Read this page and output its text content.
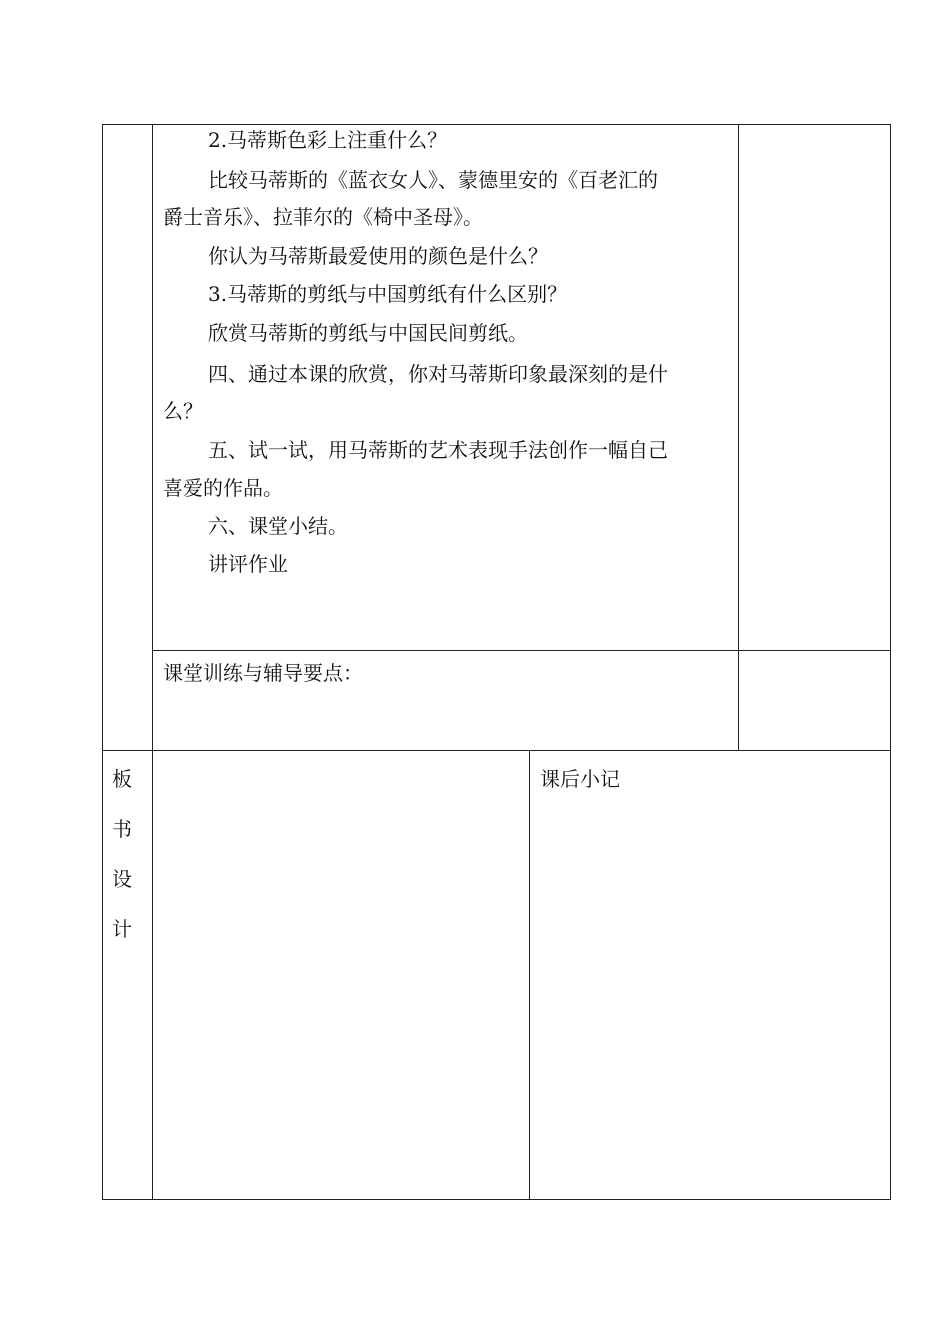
2.马蒂斯色彩上注重什么？
比较马蒂斯的《蓝衣女人》、蒙德里安的《百老汇的
爵士音乐》、拉菲尔的《椅中圣母》。
你认为马蒂斯最爱使用的颜色是什么？
3.马蒂斯的剪纸与中国剪纸有什么区别？
欣赏马蒂斯的剪纸与中国民间剪纸。
四、通过本课的欣赏，你对马蒂斯印象最深刻的是什
么？
五、试一试，用马蒂斯的艺术表现手法创作一幅自己
喜爱的作品。
六、课堂小结。
讲评作业
课堂训练与辅导要点：
板
书
设
计
课后小记
